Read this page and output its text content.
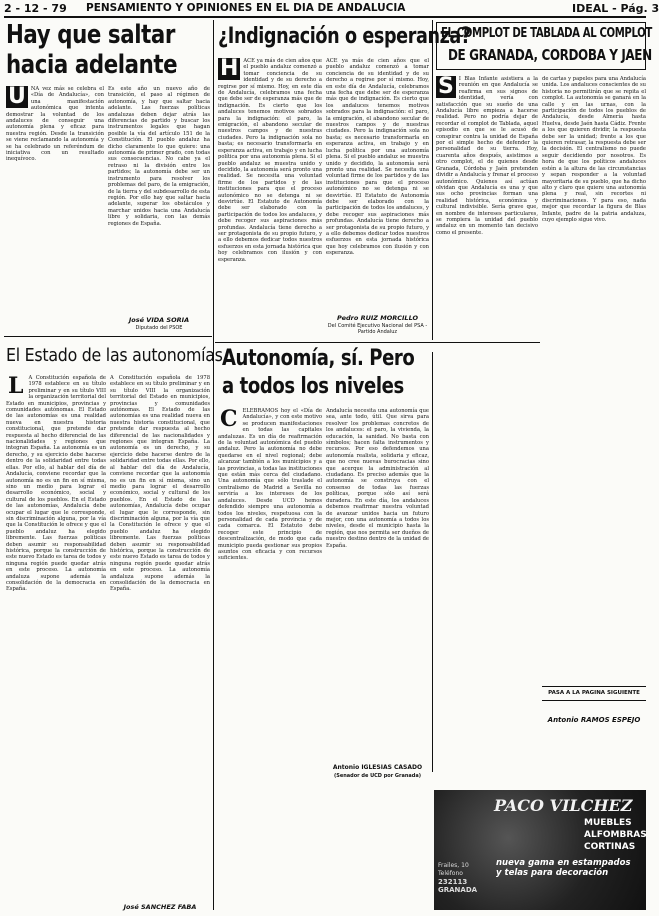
2 - 12 - 79 PENSAMIENTO Y OPINIONES EN EL DIA DE ANDALUCIA	IDEAL - Pág. 3
Hay que saltar
hacia adelante
U NA vez más se celebra el «Día de Andalucía», con una manifestación autonómica que intenta demostrar la voluntad de los andaluces de conseguir una autonomía plena y eficaz para nuestra región. Desde la transición se viene reclamando la autonomía y se ha celebrado un referéndum de iniciativa con un resultado inequívoco.
Es este año un nuevo año de transición, el paso al régimen de autonomía, y hay que saltar hacia adelante. Las fuerzas políticas andaluzas deben dejar atrás las diferencias de partido y buscar los instrumentos legales que hagan posible la vía del artículo 151 de la Constitución. El pueblo andaluz ha dicho claramente lo que quiere: una autonomía de primer grado, con todas sus consecuencias. No cabe ya el retraso ni la división entre los partidos; la autonomía debe ser un instrumento para resolver los problemas del paro, de la emigración, de la tierra y del subdesarrollo de esta región. Por ello hay que saltar hacia adelante, superar los obstáculos y marchar unidos hacia una Andalucía libre y solidaria, con las demás regiones de España.
José VIDA SORIA
Diputado del PSOE
El Estado de las autonomías
L A Constitución española de 1978 establece en su título preliminar y en su título VIII la organización territorial del Estado en municipios, provincias y comunidades autónomas. El Estado de las autonomías es una realidad nueva en nuestra historia constitucional, que pretende dar respuesta al hecho diferencial de las nacionalidades y regiones que integran España. La autonomía es un derecho, y su ejercicio debe hacerse dentro de la solidaridad entre todas ellas. Por ello, al hablar del día de Andalucía, conviene recordar que la autonomía no es un fin en sí misma, sino un medio para lograr el desarrollo económico, social y cultural de los pueblos. En el Estado de las autonomías, Andalucía debe ocupar el lugar que le corresponde, sin discriminación alguna, por la vía que la Constitución le ofrece y que el pueblo andaluz ha elegido libremente. Las fuerzas políticas deben asumir su responsabilidad histórica, porque la construcción de este nuevo Estado es tarea de todos y ninguna región puede quedar atrás en este proceso. La autonomía andaluza supone además la consolidación de la democracia en España.
A Constitución española de 1978 establece en su título preliminar y en su título VIII la organización territorial del Estado en municipios, provincias y comunidades autónomas. El Estado de las autonomías es una realidad nueva en nuestra historia constitucional, que pretende dar respuesta al hecho diferencial de las nacionalidades y regiones que integran España. La autonomía es un derecho, y su ejercicio debe hacerse dentro de la solidaridad entre todas ellas. Por ello, al hablar del día de Andalucía, conviene recordar que la autonomía no es un fin en sí misma, sino un medio para lograr el desarrollo económico, social y cultural de los pueblos. En el Estado de las autonomías, Andalucía debe ocupar el lugar que le corresponde, sin discriminación alguna, por la vía que la Constitución le ofrece y que el pueblo andaluz ha elegido libremente. Las fuerzas políticas deben asumir su responsabilidad histórica, porque la construcción de este nuevo Estado es tarea de todos y ninguna región puede quedar atrás en este proceso. La autonomía andaluza supone además la consolidación de la democracia en España.
José SANCHEZ FABA
¿Indignación o esperanza?
H ACE ya más de cien años que el pueblo andaluz comenzó a tomar conciencia de su identidad y de su derecho a regirse por sí mismo. Hoy, en este día de Andalucía, celebramos una fecha que debe ser de esperanza más que de indignación. Es cierto que los andaluces tenemos motivos sobrados para la indignación: el paro, la emigración, el abandono secular de nuestros campos y de nuestras ciudades. Pero la indignación sola no basta; es necesario transformarla en esperanza activa, en trabajo y en lucha política por una autonomía plena. Si el pueblo andaluz se muestra unido y decidido, la autonomía será pronto una realidad. Se necesita una voluntad firme de los partidos y de las instituciones para que el proceso autonómico no se detenga ni se desvirtúe. El Estatuto de Autonomía debe ser elaborado con la participación de todos los andaluces, y debe recoger sus aspiraciones más profundas. Andalucía tiene derecho a ser protagonista de su propio futuro, y a ello debemos dedicar todos nuestros esfuerzos en esta jornada histórica que hoy celebramos con ilusión y con esperanza.
ACE ya más de cien años que el pueblo andaluz comenzó a tomar conciencia de su identidad y de su derecho a regirse por sí mismo. Hoy, en este día de Andalucía, celebramos una fecha que debe ser de esperanza más que de indignación. Es cierto que los andaluces tenemos motivos sobrados para la indignación: el paro, la emigración, el abandono secular de nuestros campos y de nuestras ciudades. Pero la indignación sola no basta; es necesario transformarla en esperanza activa, en trabajo y en lucha política por una autonomía plena. Si el pueblo andaluz se muestra unido y decidido, la autonomía será pronto una realidad. Se necesita una voluntad firme de los partidos y de las instituciones para que el proceso autonómico no se detenga ni se desvirtúe. El Estatuto de Autonomía debe ser elaborado con la participación de todos los andaluces, y debe recoger sus aspiraciones más profundas. Andalucía tiene derecho a ser protagonista de su propio futuro, y a ello debemos dedicar todos nuestros esfuerzos en esta jornada histórica que hoy celebramos con ilusión y con esperanza.
Pedro RUIZ MORCILLO
Del Comité Ejecutivo Nacional del PSA - Partido Andaluz
EL COMPLOT DE TABLADA AL COMPLOT
DE GRANADA, CORDOBA Y JAEN
S I Blas Infante asistiera a la reunión en que Andalucía se reafirma en sus signos de identidad, vería con satisfacción que su sueño de una Andalucía libre empieza a hacerse realidad. Pero no podría dejar de recordar el complot de Tablada, aquel episodio en que se le acusó de conspirar contra la unidad de España por el simple hecho de defender la personalidad de su tierra. Hoy, cuarenta años después, asistimos a otro complot, el de quienes desde Granada, Córdoba y Jaén pretenden dividir a Andalucía y frenar el proceso autonómico. Quienes así actúan olvidan que Andalucía es una y que sus ocho provincias forman una realidad histórica, económica y cultural indivisible. Sería grave que, en nombre de intereses particulares, se rompiera la unidad del pueblo andaluz en un momento tan decisivo como el presente.
de cartas y papeles para una Andalucía unida. Los andaluces conscientes de su historia no permitirán que se repita el complot. La autonomía se ganará en la calle y en las urnas, con la participación de todos los pueblos de Andalucía, desde Almería hasta Huelva, desde Jaén hasta Cádiz. Frente a los que quieren dividir, la respuesta debe ser la unidad; frente a los que quieren retrasar, la respuesta debe ser la decisión. El centralismo no puede seguir decidiendo por nosotros. Es hora de que los políticos andaluces estén a la altura de las circunstancias y sepan responder a la voluntad mayoritaria de su pueblo, que ha dicho alto y claro que quiere una autonomía plena y real, sin recortes ni discriminaciones. Y para eso, nada mejor que recordar la figura de Blas Infante, padre de la patria andaluza, cuyo ejemplo sigue vivo.
PASA A LA PAGINA SIGUIENTE
Antonio RAMOS ESPEJO
Autonomía, sí. Pero
a todos los niveles
CELEBRAMOS hoy el «Día de Andalucía», y con este motivo se producen manifestaciones en todas las capitales andaluzas. Es un día de reafirmación de la voluntad autonómica del pueblo andaluz. Pero la autonomía no debe quedarse en el nivel regional; debe alcanzar también a los municipios y a las provincias, a todas las instituciones que están más cerca del ciudadano. Una autonomía que sólo traslade el centralismo de Madrid a Sevilla no serviría a los intereses de los andaluces. Desde UCD hemos defendido siempre una autonomía a todos los niveles, respetuosa con la personalidad de cada provincia y de cada comarca. El Estatuto debe recoger este principio de descentralización, de modo que cada municipio pueda gestionar sus propios asuntos con eficacia y con recursos suficientes.
Andalucía necesita una autonomía que sea, ante todo, útil. Que sirva para resolver los problemas concretos de los andaluces: el paro, la vivienda, la educación, la sanidad. No basta con símbolos; hacen falta instrumentos y recursos. Por eso defendemos una autonomía realista, solidaria y eficaz, que no cree nuevas burocracias sino que acerque la administración al ciudadano. Es preciso además que la autonomía se construya con el consenso de todas las fuerzas políticas, porque sólo así será duradera. En este día, los andaluces debemos reafirmar nuestra voluntad de avanzar unidos hacia un futuro mejor, con una autonomía a todos los niveles, desde el municipio hasta la región, que nos permita ser dueños de nuestro destino dentro de la unidad de España.
Antonio IGLESIAS CASADO
(Senador de UCD por Granada)
PACO VILCHEZ
MUEBLES
ALFOMBRAS
CORTINAS
nueva gama en estampados y telas para decoración
Frailes, 10
Teléfono
232113
GRANADA
